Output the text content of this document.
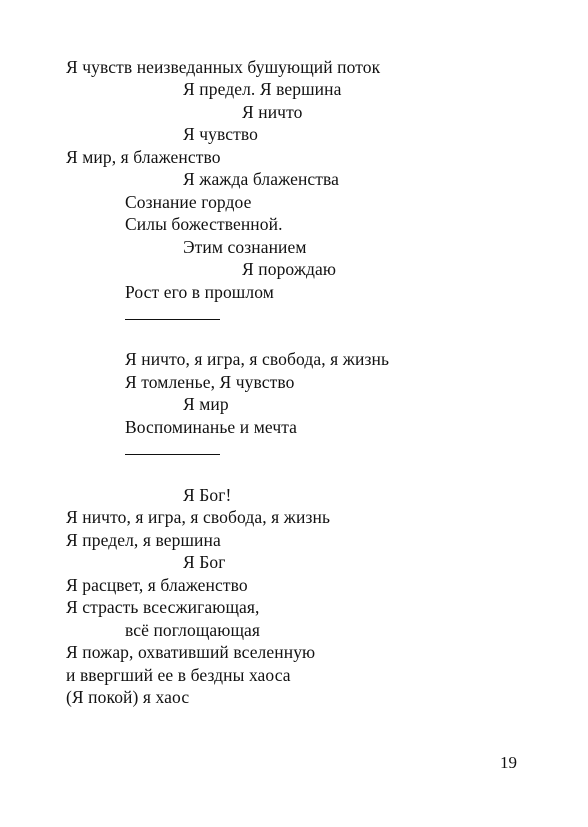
Я чувств неизведанных бушующий поток
Я предел. Я вершина
Я ничто
Я чувство
Я мир, я блаженство
Я жажда блаженства
Сознание гордое
Силы божественной.
Этим сознанием
Я порождаю
Рост его в прошлом
Я ничто, я игра, я свобода, я жизнь
Я томленье, Я чувство
Я мир
Воспоминанье и мечта
Я Бог!
Я ничто, я игра, я свобода, я жизнь
Я предел, я вершина
Я Бог
Я расцвет, я блаженство
Я страсть всесжигающая,
всё поглощающая
Я пожар, охвативший вселенную
и ввергший ее в бездны хаоса
(Я покой) я хаос
19
